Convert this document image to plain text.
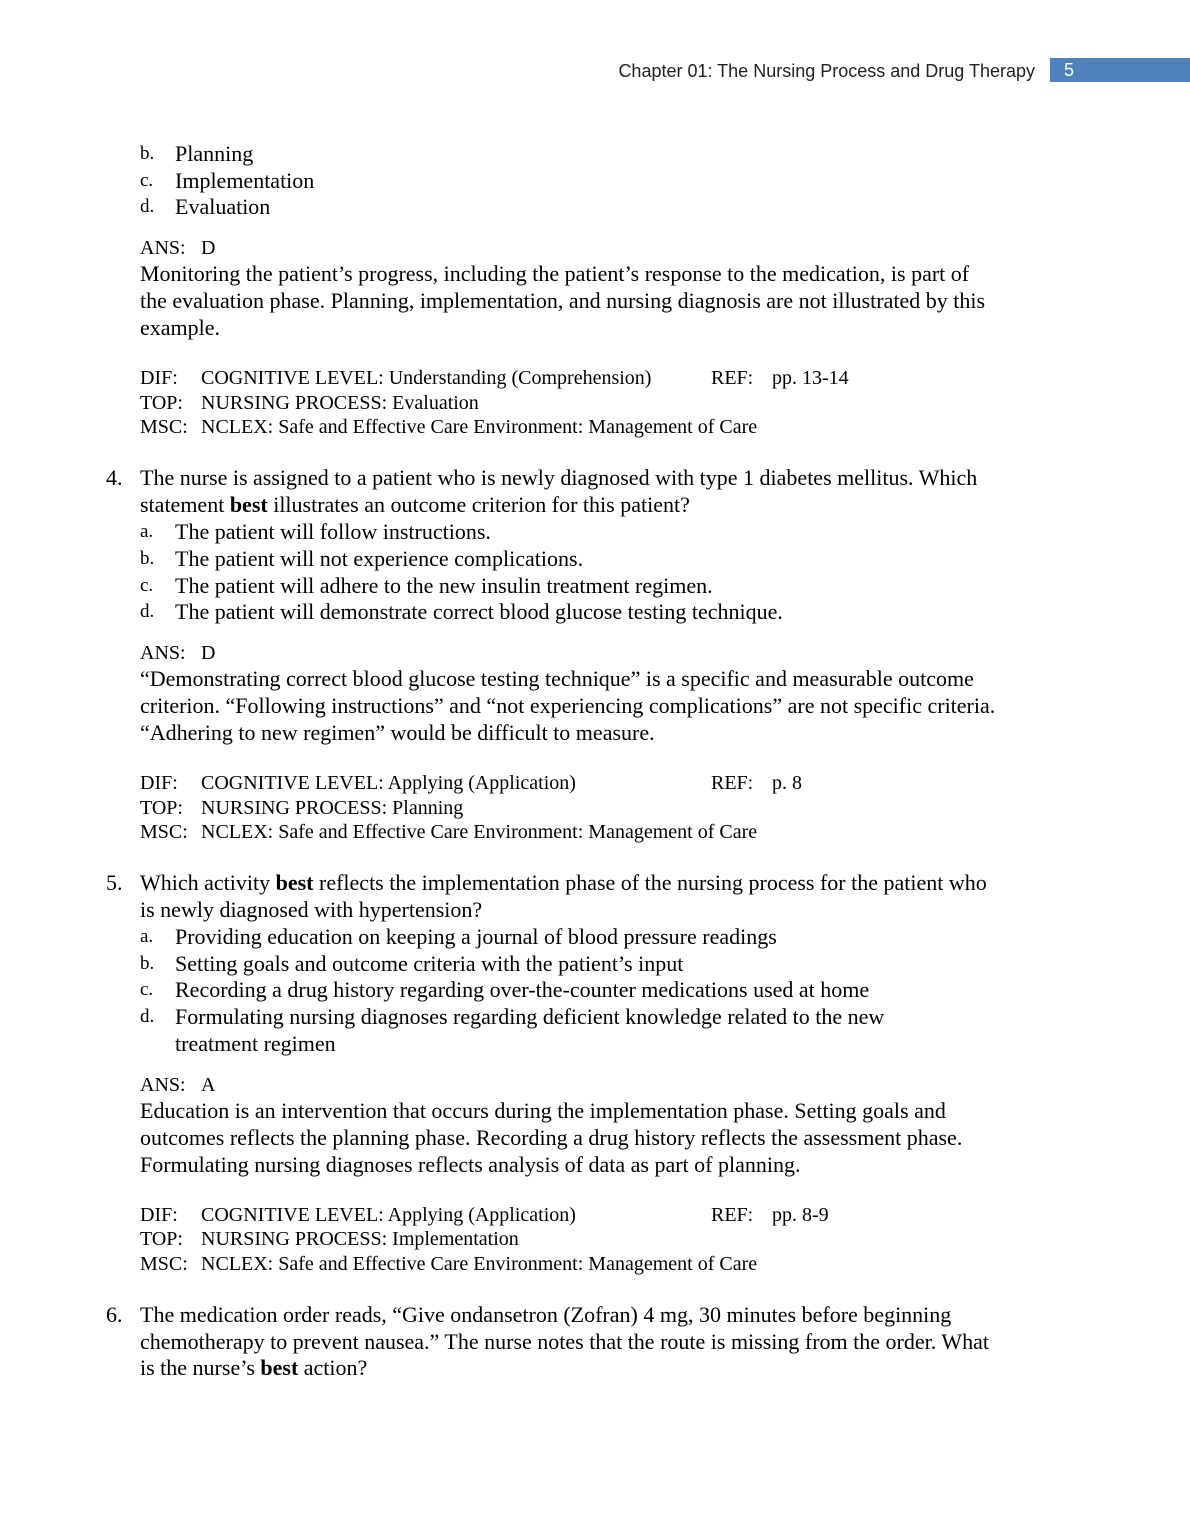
Chapter 01: The Nursing Process and Drug Therapy	5
b. Planning
c. Implementation
d. Evaluation
ANS: D
Monitoring the patient’s progress, including the patient’s response to the medication, is part of
the evaluation phase. Planning, implementation, and nursing diagnosis are not illustrated by this
example.
DIF: COGNITIVE LEVEL: Understanding (Comprehension)	REF: pp. 13-14
TOP: NURSING PROCESS: Evaluation
MSC: NCLEX: Safe and Effective Care Environment: Management of Care
4. The nurse is assigned to a patient who is newly diagnosed with type 1 diabetes mellitus. Which
statement best illustrates an outcome criterion for this patient?
a. The patient will follow instructions.
b. The patient will not experience complications.
c. The patient will adhere to the new insulin treatment regimen.
d. The patient will demonstrate correct blood glucose testing technique.
ANS: D
“Demonstrating correct blood glucose testing technique” is a specific and measurable outcome
criterion. “Following instructions” and “not experiencing complications” are not specific criteria.
“Adhering to new regimen” would be difficult to measure.
DIF: COGNITIVE LEVEL: Applying (Application)	REF: p. 8
TOP: NURSING PROCESS: Planning
MSC: NCLEX: Safe and Effective Care Environment: Management of Care
5. Which activity best reflects the implementation phase of the nursing process for the patient who
is newly diagnosed with hypertension?
a. Providing education on keeping a journal of blood pressure readings
b. Setting goals and outcome criteria with the patient’s input
c. Recording a drug history regarding over-the-counter medications used at home
d. Formulating nursing diagnoses regarding deficient knowledge related to the new
treatment regimen
ANS: A
Education is an intervention that occurs during the implementation phase. Setting goals and
outcomes reflects the planning phase. Recording a drug history reflects the assessment phase.
Formulating nursing diagnoses reflects analysis of data as part of planning.
DIF: COGNITIVE LEVEL: Applying (Application)	REF: pp. 8-9
TOP: NURSING PROCESS: Implementation
MSC: NCLEX: Safe and Effective Care Environment: Management of Care
6. The medication order reads, “Give ondansetron (Zofran) 4 mg, 30 minutes before beginning
chemotherapy to prevent nausea.” The nurse notes that the route is missing from the order. What
is the nurse’s best action?
